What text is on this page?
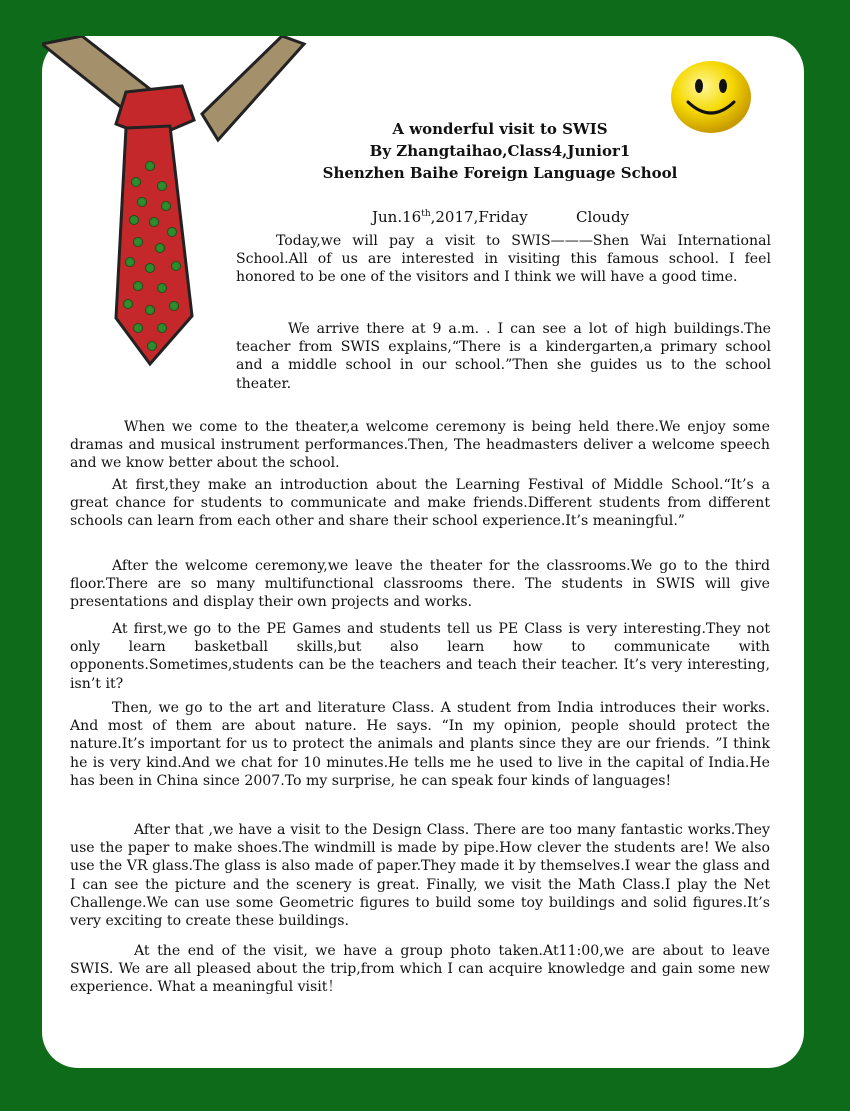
A wonderful visit to SWIS
By Zhangtaihao,Class4,Junior1
Shenzhen Baihe Foreign Language School
Jun.16th,2017,Friday	Cloudy

Today,we will pay a visit to SWIS———Shen Wai International School.All of us are interested in visiting this famous school. I feel honored to be one of the visitors and I think we will have a good time.

We arrive there at 9 a.m. . I can see a lot of high buildings.The teacher from SWIS explains,“There is a kindergarten,a primary school and a middle school in our school.”Then she guides us to the school theater.

When we come to the theater,a welcome ceremony is being held there.We enjoy some dramas and musical instrument performances.Then, The headmasters deliver a welcome speech and we know better about the school.

At first,they make an introduction about the Learning Festival of Middle School.“It’s a great chance for students to communicate and make friends.Different students from different schools can learn from each other and share their school experience.It’s meaningful.”

After the welcome ceremony,we leave the theater for the classrooms.We go to the third floor.There are so many multifunctional classrooms there. The students in SWIS will give presentations and display their own projects and works.

At first,we go to the PE Games and students tell us PE Class is very interesting.They not only learn basketball skills,but also learn how to communicate with opponents.Sometimes,students can be the teachers and teach their teacher. It’s very interesting, isn’t it?

Then, we go to the art and literature Class. A student from India introduces their works. And most of them are about nature. He says. “In my opinion, people should protect the nature.It’s important for us to protect the animals and plants since they are our friends. ”I think he is very kind.And we chat for 10 minutes.He tells me he used to live in the capital of India.He has been in China since 2007.To my surprise, he can speak four kinds of languages!

After that ,we have a visit to the Design Class. There are too many fantastic works.They use the paper to make shoes.The windmill is made by pipe.How clever the students are! We also use the VR glass.The glass is also made of paper.They made it by themselves.I wear the glass and I can see the picture and the scenery is great. Finally, we visit the Math Class.I play the Net Challenge.We can use some Geometric figures to build some toy buildings and solid figures.It’s very exciting to create these buildings.

At the end of the visit, we have a group photo taken.At11:00,we are about to leave SWIS. We are all pleased about the trip,from which I can acquire knowledge and gain some new experience. What a meaningful visit！
